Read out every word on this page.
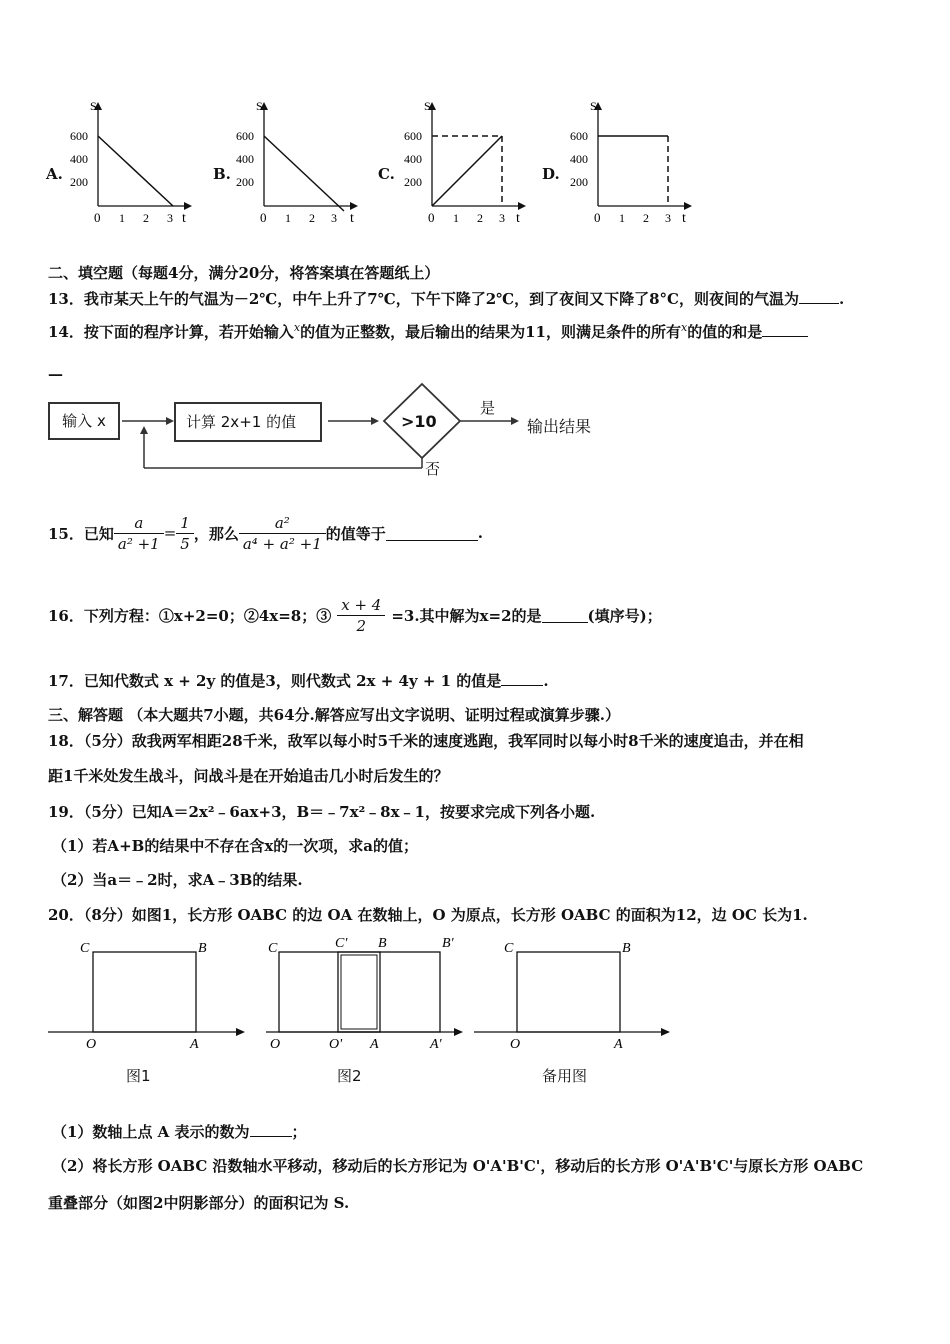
A.	B.	C.	D.
S
600
400
200
0 1 2 3 t
S
600
400
200
0 1 2 3 t
S
600
400
200
0 1 2 3 t
S
600
400
200
0 1 2 3 t
二、填空题（每题4分，满分20分，将答案填在答题纸上）
13．我市某天上午的气温为－2℃，中午上升了7℃，下午下降了2℃，到了夜间又下降了8°C，则夜间的气温为	.
14．按下面的程序计算，若开始输入$^x$的值为正整数，最后输出的结果为11，则满足条件的所有$^x$的值的和是
—
输入 x	计算 2x+1 的值	>10
是
否
输出结果
15．已知 $\frac{a}{\text{a² +1}} = \frac{1}{5}$ ，那么 $\frac{\text{a²}}{\text{a⁴ + a² +1}}$ 的值等于	.
16．下列方程：①x+2=0；②4x=8；③ $\frac{x + 4}{2} =3$.其中解为x=2的是	(填序号)；
17．已知代数式 x + 2y 的值是3，则代数式 2x + 4y + 1 的值是	.
三、解答题 （本大题共7小题，共64分.解答应写出文字说明、证明过程或演算步骤.）
18．（5分）敌我两军相距28千米，敌军以每小时5千米的速度逃跑，我军同时以每小时8千米的速度追击，并在相
距1千米处发生战斗，问战斗是在开始追击几小时后发生的？
19．（5分）已知A＝2x²﹣6ax+3，B＝﹣7x²﹣8x﹣1，按要求完成下列各小题.
（1）若A+B的结果中不存在含x的一次项，求a的值；
（2）当a＝﹣2时，求A﹣3B的结果.
20．（8分）如图1，长方形 OABC 的边 OA 在数轴上，O 为原点，长方形 OABC 的面积为12，边 OC 长为1.
C	B
O	A
C	C' B	B'
O	O' A	A'
C	B
O	A
图1	图2	备用图
（1）数轴上点 A 表示的数为	；
（2）将长方形 OABC 沿数轴水平移动，移动后的长方形记为 O'A'B'C'，移动后的长方形 O'A'B'C'与原长方形 OABC
重叠部分（如图2中阴影部分）的面积记为 S.
